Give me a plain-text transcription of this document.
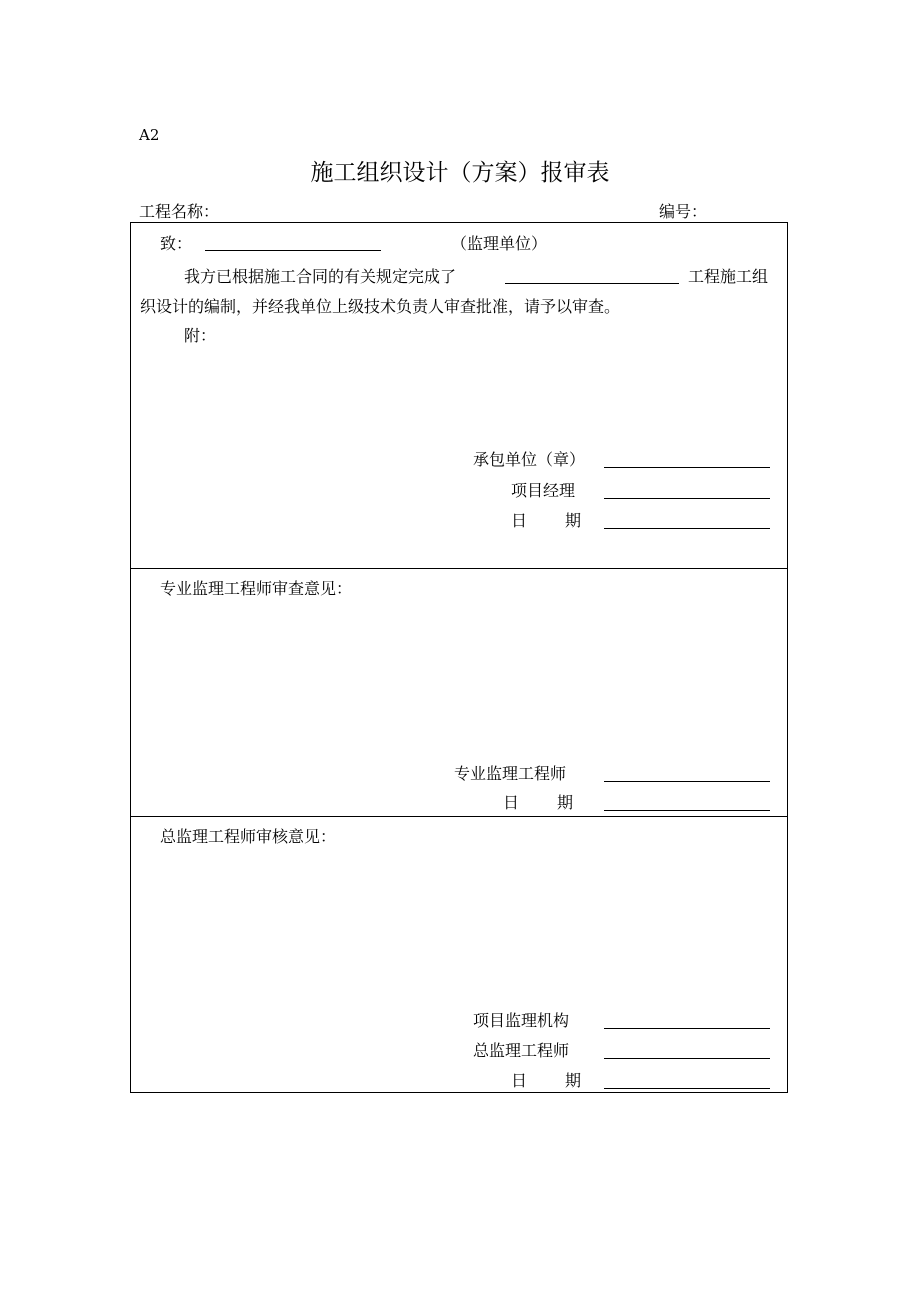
A2
施工组织设计（方案）报审表
工程名称：	编号：
致：	（监理单位）
我方已根据施工合同的有关规定完成了	工程施工组
织设计的编制，并经我单位上级技术负责人审查批准，请予以审查。
附：
承包单位（章）
项目经理
日期
专业监理工程师审查意见：
专业监理工程师
日期
总监理工程师审核意见：
项目监理机构
总监理工程师
日期
